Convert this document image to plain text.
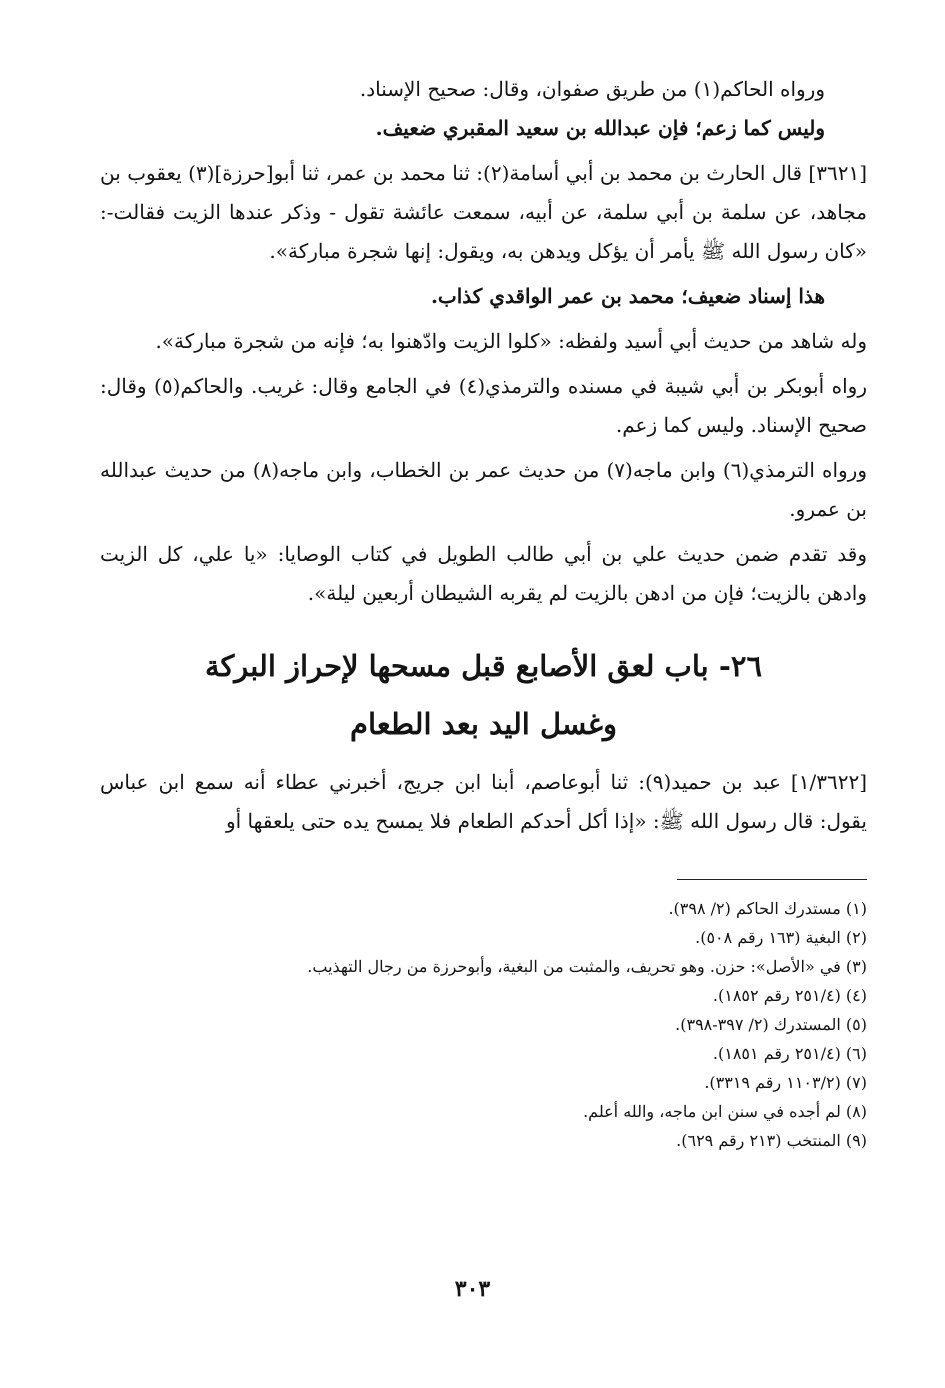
ورواه الحاكم(١) من طريق صفوان، وقال: صحيح الإسناد.

وليس كما زعم؛ فإن عبدالله بن سعيد المقبري ضعيف.

[٣٦٢١] قال الحارث بن محمد بن أبي أسامة(٢): ثنا محمد بن عمر، ثنا أبو[حرزة](٣) يعقوب بن مجاهد، عن سلمة بن أبي سلمة، عن أبيه، سمعت عائشة تقول - وذكر عندها الزيت فقالت-: «كان رسول الله ﷺ يأمر أن يؤكل ويدهن به، ويقول: إنها شجرة مباركة».

هذا إسناد ضعيف؛ محمد بن عمر الواقدي كذاب.

وله شاهد من حديث أبي أسيد ولفظه: «كلوا الزيت وادّهنوا به؛ فإنه من شجرة مباركة».

رواه أبوبكر بن أبي شيبة في مسنده والترمذي(٤) في الجامع وقال: غريب. والحاكم(٥) وقال: صحيح الإسناد. وليس كما زعم.

ورواه الترمذي(٦) وابن ماجه(٧) من حديث عمر بن الخطاب، وابن ماجه(٨) من حديث عبدالله بن عمرو.

وقد تقدم ضمن حديث علي بن أبي طالب الطويل في كتاب الوصايا: «يا علي، كل الزيت وادهن بالزيت؛ فإن من ادهن بالزيت لم يقربه الشيطان أربعين ليلة».

٢٦- باب لعق الأصابع قبل مسحها لإحراز البركة
وغسل اليد بعد الطعام

[١/٣٦٢٢] عبد بن حميد(٩): ثنا أبوعاصم، أبنا ابن جريج، أخبرني عطاء أنه سمع ابن عباس يقول: قال رسول الله ﷺ: «إذا أكل أحدكم الطعام فلا يمسح يده حتى يلعقها أو

(١) مستدرك الحاكم (٢/ ٣٩٨).
(٢) البغية (١٦٣ رقم ٥٠٨).
(٣) في «الأصل»: حزن. وهو تحريف، والمثبت من البغية، وأبوحرزة من رجال التهذيب.
(٤) (٢٥١/٤ رقم ١٨٥٢).
(٥) المستدرك (٢/ ٣٩٧-٣٩٨).
(٦) (٢٥١/٤ رقم ١٨٥١).
(٧) (١١٠٣/٢ رقم ٣٣١٩).
(٨) لم أجده في سنن ابن ماجه، والله أعلم.
(٩) المنتخب (٢١٣ رقم ٦٢٩).
٣٠٣
